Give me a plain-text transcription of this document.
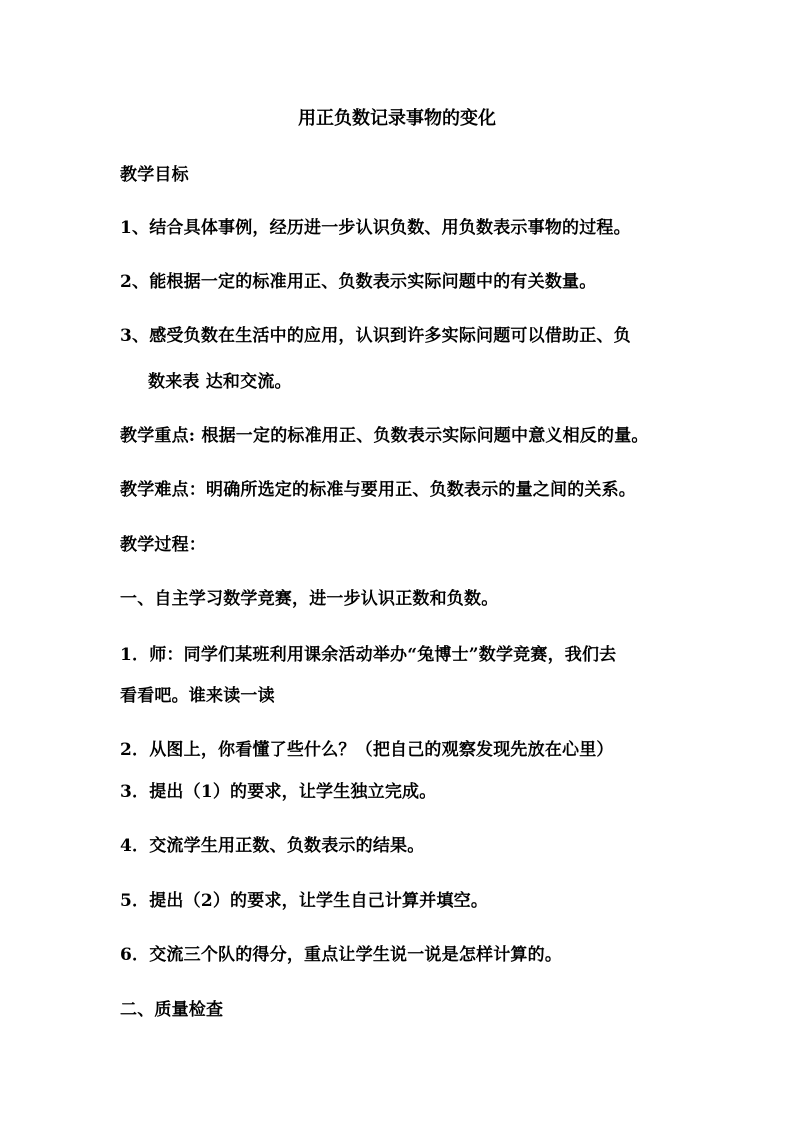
用正负数记录事物的变化
教学目标
1、结合具体事例，经历进一步认识负数、用负数表示事物的过程。
2、能根据一定的标准用正、负数表示实际问题中的有关数量。
3、感受负数在生活中的应用，认识到许多实际问题可以借助正、负
数来表 达和交流。
教学重点: 根据一定的标准用正、负数表示实际问题中意义相反的量。
教学难点：明确所选定的标准与要用正、负数表示的量之间的关系。
教学过程：
一、自主学习数学竞赛，进一步认识正数和负数。
1．师：同学们某班利用课余活动举办“兔博士”数学竞赛，我们去
看看吧。谁来读一读
2．从图上，你看懂了些什么？（把自己的观察发现先放在心里）
3．提出（1）的要求，让学生独立完成。
4．交流学生用正数、负数表示的结果。
5．提出（2）的要求，让学生自己计算并填空。
6．交流三个队的得分，重点让学生说一说是怎样计算的。
二、质量检查
